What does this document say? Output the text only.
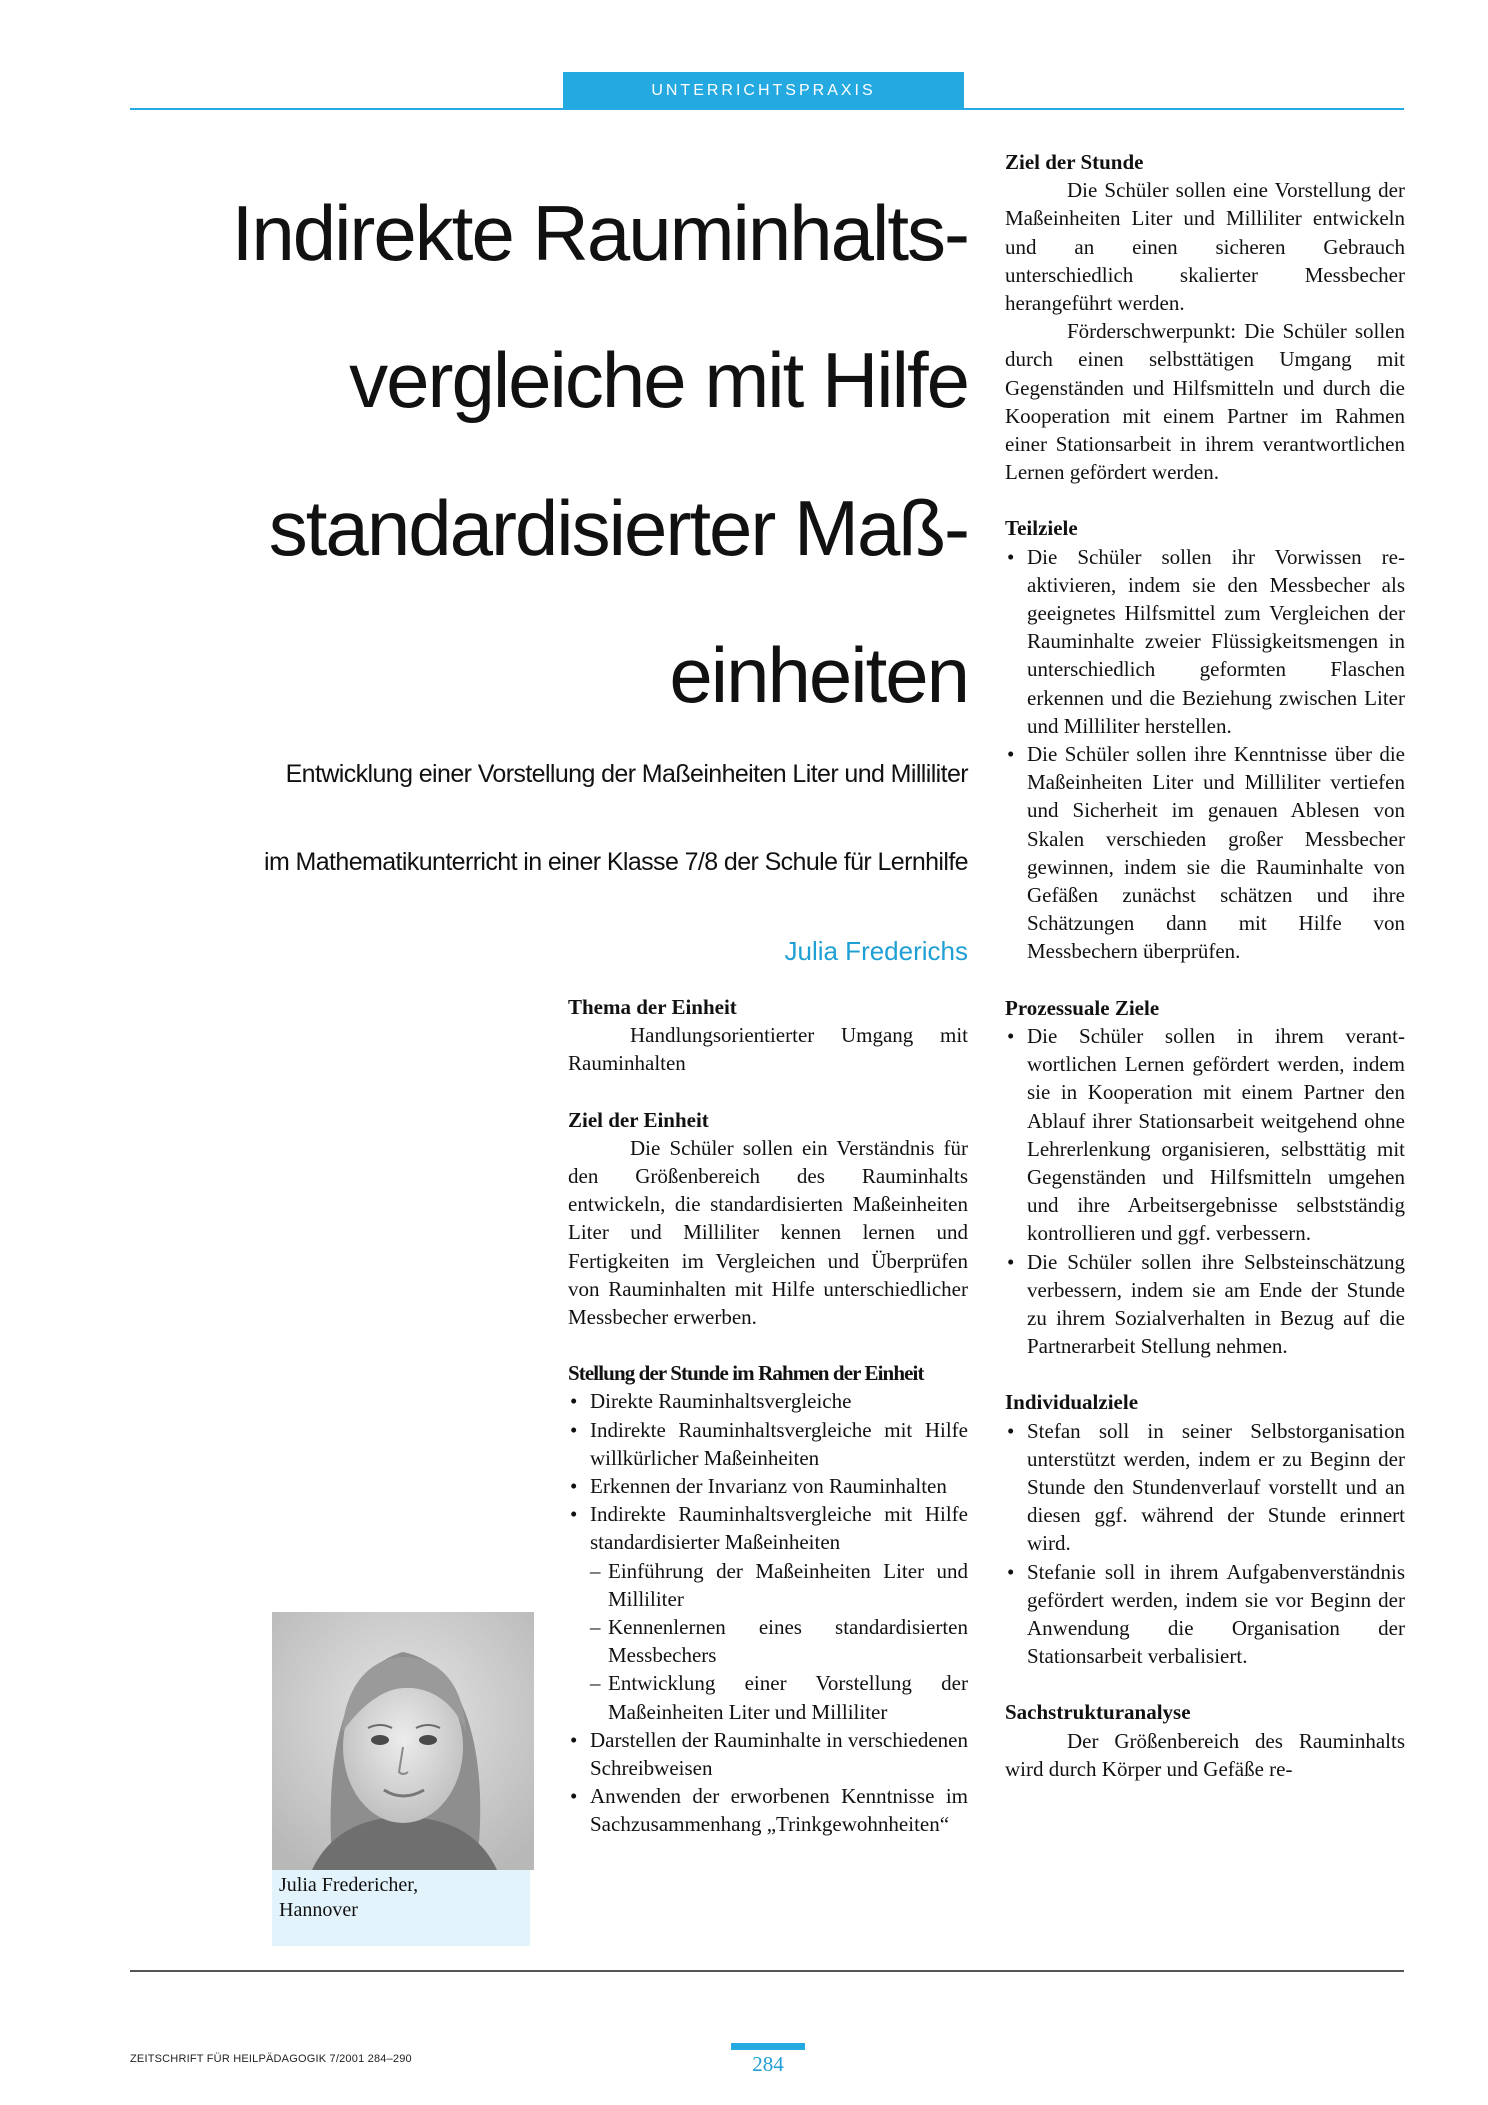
UNTERRICHTSPRAXIS
Indirekte Rauminhalts-
vergleiche mit Hilfe
standardisierter Maß-
einheiten
Entwicklung einer Vorstellung der Maßeinheiten Liter und Milliliter
im Mathematikunterricht in einer Klasse 7/8 der Schule für Lernhilfe
Julia Frederichs
Thema der Einheit

Handlungsorientierter Umgang mit Rauminhalten

Ziel der Einheit

Die Schüler sollen ein Verständnis für den Größenbereich des Rauminhalts entwickeln, die standardisierten Maßeinheiten Liter und Milliliter kennen lernen und Fertigkeiten im Vergleichen und Überprüfen von Rauminhalten mit Hilfe unterschiedlicher Messbecher erwerben.

Stellung der Stunde im Rahmen der Einheit
• Direkte Rauminhaltsvergleiche
• Indirekte Rauminhaltsvergleiche mit Hilfe willkürlicher Maßeinheiten
• Erkennen der Invarianz von Rauminhalten
• Indirekte Rauminhaltsvergleiche mit Hilfe standardisierter Maßeinheiten
– Einführung der Maßeinheiten Liter und Milliliter
– Kennenlernen eines standardisierten Messbechers
– Entwicklung einer Vorstellung der Maßeinheiten Liter und Milliliter
• Darstellen der Rauminhalte in verschiedenen Schreibweisen
• Anwenden der erworbenen Kenntnisse im Sachzusammenhang „Trinkgewohnheiten“
Ziel der Stunde

Die Schüler sollen eine Vorstellung der Maßeinheiten Liter und Milliliter entwickeln und an einen sicheren Gebrauch unterschiedlich skalierter Messbecher herangeführt werden.

Förderschwerpunkt: Die Schüler sollen durch einen selbsttätigen Umgang mit Gegenständen und Hilfsmitteln und durch die Kooperation mit einem Partner im Rahmen einer Stationsarbeit in ihrem verantwortlichen Lernen gefördert werden.

Teilziele
• Die Schüler sollen ihr Vorwissen reaktivieren, indem sie den Messbecher als geeignetes Hilfsmittel zum Vergleichen der Rauminhalte zweier Flüssigkeitsmengen in unterschiedlich geformten Flaschen erkennen und die Beziehung zwischen Liter und Milliliter herstellen.
• Die Schüler sollen ihre Kenntnisse über die Maßeinheiten Liter und Milliliter vertiefen und Sicherheit im genauen Ablesen von Skalen verschieden großer Messbecher gewinnen, indem sie die Rauminhalte von Gefäßen zunächst schätzen und ihre Schätzungen dann mit Hilfe von Messbechern überprüfen.
Prozessuale Ziele
• Die Schüler sollen in ihrem verantwortlichen Lernen gefördert werden, indem sie in Kooperation mit einem Partner den Ablauf ihrer Stationsarbeit weitgehend ohne Lehrerlenkung organisieren, selbsttätig mit Gegenständen und Hilfsmitteln umgehen und ihre Arbeitsergebnisse selbstständig kontrollieren und ggf. verbessern.
• Die Schüler sollen ihre Selbsteinschätzung verbessern, indem sie am Ende der Stunde zu ihrem Sozialverhalten in Bezug auf die Partnerarbeit Stellung nehmen.
Individualziele
• Stefan soll in seiner Selbstorganisation unterstützt werden, indem er zu Beginn der Stunde den Stundenverlauf vorstellt und an diesen ggf. während der Stunde erinnert wird.
• Stefanie soll in ihrem Aufgabenverständnis gefördert werden, indem sie vor Beginn der Anwendung die Organisation der Stationsarbeit verbalisiert.
Sachstrukturanalyse

Der Größenbereich des Rauminhalts wird durch Körper und Gefäße re-

Julia Fredericher,
Hannover
ZEITSCHRIFT FÜR HEILPÄDAGOGIK 7/2001 284–290	284
